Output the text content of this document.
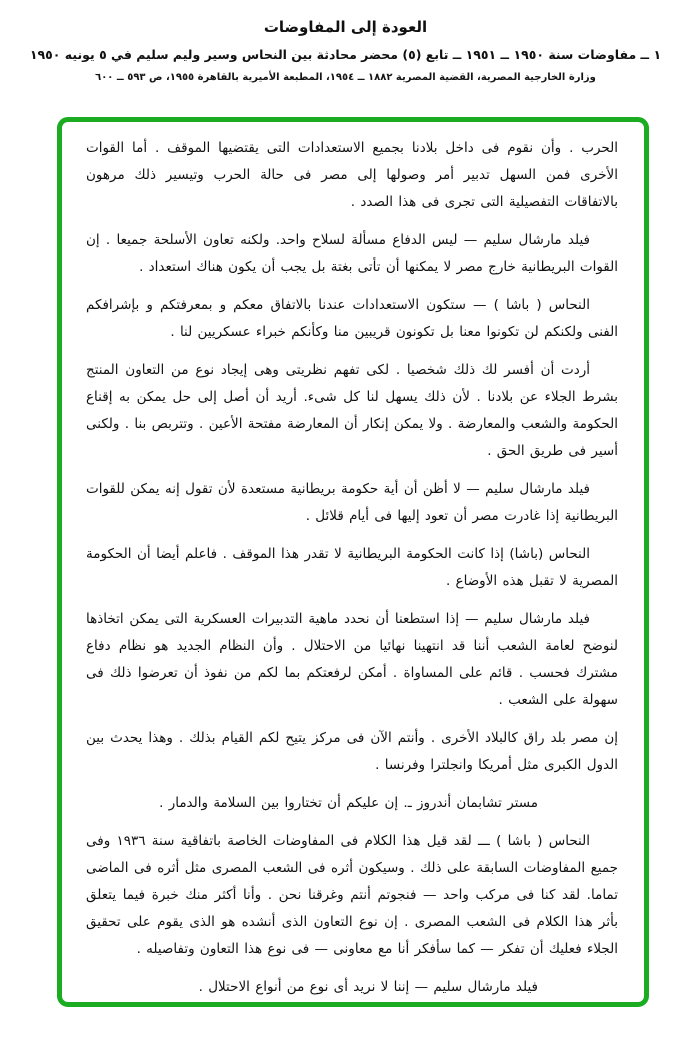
العودة إلى المفاوضات
١ ــ مفاوضات سنة ١٩٥٠ ــ ١٩٥١ ــ تابع (٥) محضر محادثة بين النحاس وسير وليم سليم في ٥ يونيه ١٩٥٠
وزارة الخارجية المصرية، القضية المصرية ١٨٨٢ ــ ١٩٥٤، المطبعة الأميرية بالقاهرة ١٩٥٥، ص ٥٩٣ ــ ٦٠٠

الحرب . وأن نقوم فى داخل بلادنا بجميع الاستعدادات التى يقتضيها الموقف . أما القوات الأخرى فمن السهل تدبير أمر وصولها إلى مصر فى حالة الحرب وتيسير ذلك مرهون بالاتفاقات التفصيلية التى تجرى فى هذا الصدد .

فيلد مارشال سليم — ليس الدفاع مسألة لسلاح واحد. ولكنه تعاون الأسلحة جميعا . إن القوات البريطانية خارج مصر لا يمكنها أن تأتى بغتة بل يجب أن يكون هناك استعداد .

النحاس ( باشا ) — ستكون الاستعدادات عندنا بالاتفاق معكم و بمعرفتكم و بإشرافكم الفنى ولكنكم لن تكونوا معنا بل تكونون قريبين منا وكأنكم خبراء عسكريين لنا .

أردت أن أفسر لك ذلك شخصيا . لكى تفهم نظريتى وهى إيجاد نوع من التعاون المنتج بشرط الجلاء عن بلادنا . لأن ذلك يسهل لنا كل شىء. أريد أن أصل إلى حل يمكن به إقناع الحكومة والشعب والمعارضة . ولا يمكن إنكار أن المعارضة مفتحة الأعين . وتتربص بنا . ولكنى أسير فى طريق الحق .

فيلد مارشال سليم — لا أظن أن أية حكومة بريطانية مستعدة لأن تقول إنه يمكن للقوات البريطانية إذا غادرت مصر أن تعود إليها فى أيام قلائل .

النحاس (باشا) إذا كانت الحكومة البريطانية لا تقدر هذا الموقف . فاعلم أيضا أن الحكومة المصرية لا تقبل هذه الأوضاع .

فيلد مارشال سليم — إذا استطعنا أن نحدد ماهية التدبيرات العسكرية التى يمكن اتخاذها لنوضح لعامة الشعب أننا قد انتهينا نهائيا من الاحتلال . وأن النظام الجديد هو نظام دفاع مشترك فحسب . قائم على المساواة . أمكن لرفعتكم بما لكم من نفوذ أن تعرضوا ذلك فى سهولة على الشعب .

إن مصر بلد راق كالبلاد الأخرى . وأنتم الآن فى مركز يتيح لكم القيام بذلك . وهذا يحدث بين الدول الكبرى مثل أمريكا وانجلترا وفرنسا .

مستر تشابمان أندروز ـ. إن عليكم أن تختاروا بين السلامة والدمار .

النحاس ( باشا ) ـــ لقد قيل هذا الكلام فى المفاوضات الخاصة باتفاقية سنة ١٩٣٦ وفى جميع المفاوضات السابقة على ذلك . وسيكون أثره فى الشعب المصرى مثل أثره فى الماضى تماما. لقد كنا فى مركب واحد — فنجوتم أنتم وغرقنا نحن . وأنا أكثر منك خبرة فيما يتعلق بأثر هذا الكلام فى الشعب المصرى . إن نوع التعاون الذى أنشده هو الذى يقوم على تحقيق الجلاء فعليك أن تفكر — كما سأفكر أنا مع معاونى — فى نوع هذا التعاون وتفاصيله .

فيلد مارشال سليم — إننا لا نريد أى نوع من أنواع الاحتلال .
